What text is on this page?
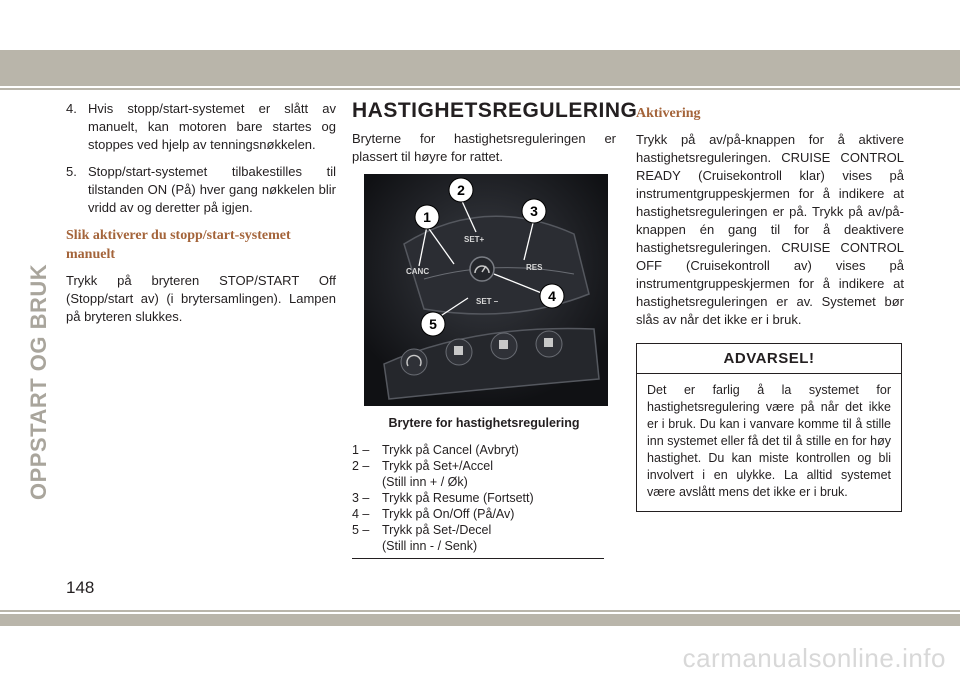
OPPSTART OG BRUK
4. Hvis stopp/start-systemet er slått av manuelt, kan motoren bare startes og stoppes ved hjelp av tenningsnøkkelen.
5. Stopp/start-systemet tilbakestilles til tilstanden ON (På) hver gang nøkkelen blir vridd av og deretter på igjen.
Slik aktiverer du stopp/start-systemet manuelt

Trykk på bryteren STOP/START Off (Stopp/start av) (i brytersamlingen). Lampen på bryteren slukkes.

HASTIGHETSREGULERING

Bryterne for hastighetsreguleringen er plassert til høyre for rattet.

SET+
CANC	RES
SET –
1
2
3
4
5
Brytere for hastighetsregulering
1 –	Trykk på Cancel (Avbryt)
2 –	Trykk på Set+/Accel
(Still inn + / Øk)
3 –	Trykk på Resume (Fortsett)
4 –	Trykk på On/Off (På/Av)
5 –	Trykk på Set-/Decel
(Still inn - / Senk)
Aktivering

Trykk på av/på-knappen for å aktivere hastighetsreguleringen. CRUISE CONTROL READY (Cruisekontroll klar) vises på instrumentgruppeskjermen for å indikere at hastighetsreguleringen er på. Trykk på av/på-knappen én gang til for å deaktivere hastighetsreguleringen. CRUISE CONTROL OFF (Cruisekontroll av) vises på instrumentgruppeskjermen for å indikere at hastighetsreguleringen er av. Systemet bør slås av når det ikke er i bruk.

ADVARSEL!
Det er farlig å la systemet for hastighetsregulering være på når det ikke er i bruk. Du kan i vanvare komme til å stille inn systemet eller få det til å stille en for høy hastighet. Du kan miste kontrollen og bli involvert i en ulykke. La alltid systemet være avslått mens det ikke er i bruk.
148
carmanualsonline.info
